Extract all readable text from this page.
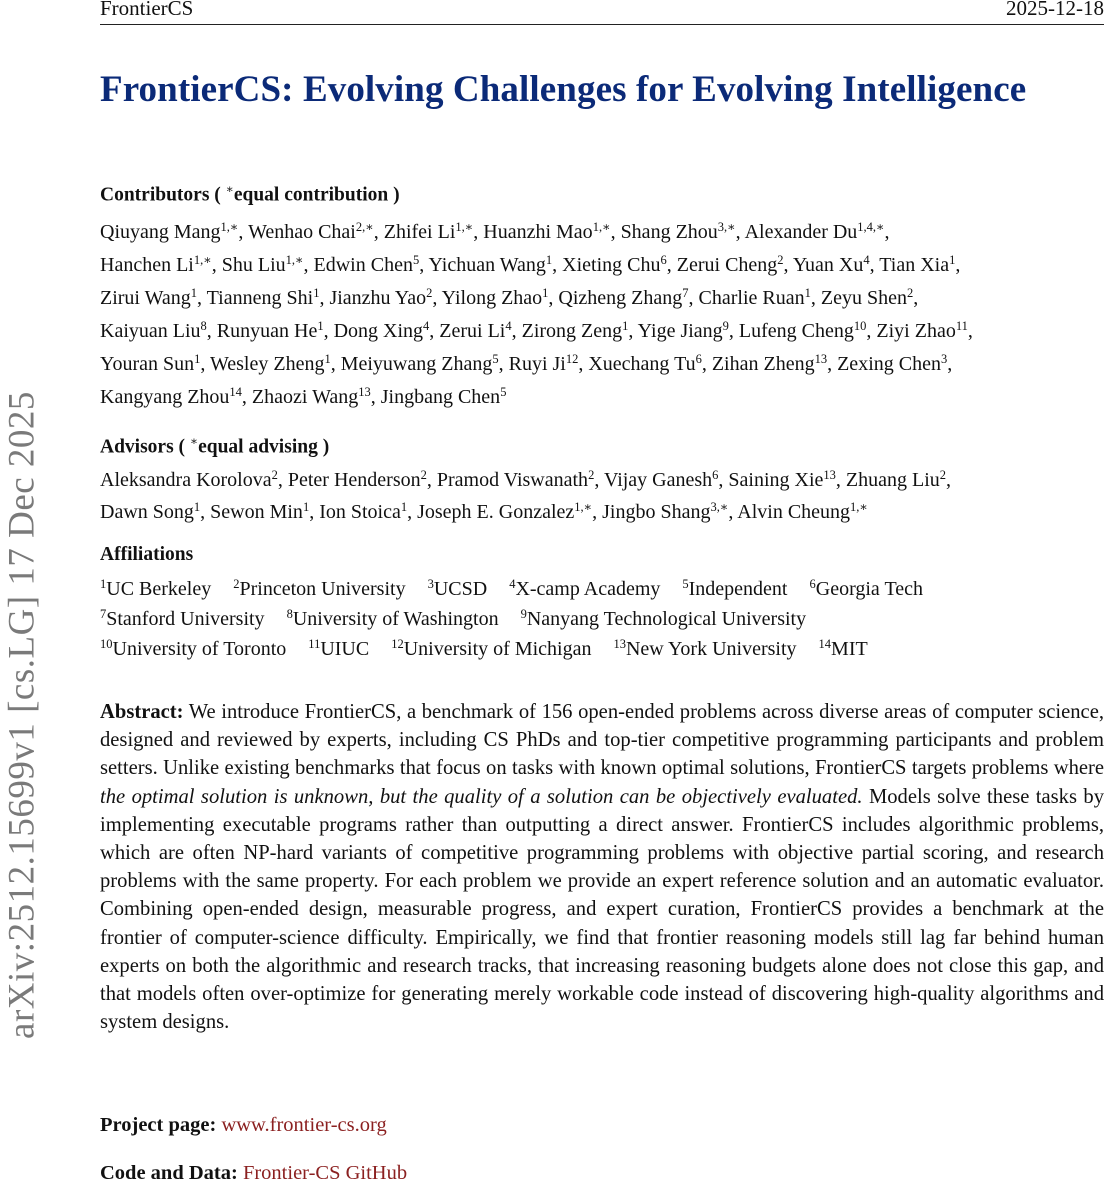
FrontierCS	2025-12-18
arXiv:2512.15699v1 [cs.LG] 17 Dec 2025
FrontierCS: Evolving Challenges for Evolving Intelligence
Contributors ( ∗equal contribution )
Qiuyang Mang$^{1,∗}$, Wenhao Chai$^{2,∗}$, Zhifei $Li^{1,∗}$, Huanzhi Mao$^{1,∗}$, Shang Zhou$^{3,∗}$, Alexander $Du^{1,4,∗}$,
Hanchen $Li^{1,∗}$, Shu Liu$^{1,∗}$, Edwin Chen$^5$, Yichuan Wang$^1$, Xieting Chu$^6$, Zerui Cheng$^2$, Yuan Xu$^4$, Tian Xia$^1$,
Zirui Wang$^1$, Tianneng Shi$^1$, Jianzhu Yao$^2$, Yilong Zhao$^1$, Qizheng Zhang$^7$, Charlie Ruan$^1$, Zeyu Shen$^2$,
Kaiyuan Liu$^8$, Runyuan He$^1$, Dong Xing$^4$, Zerui Li$^4$, Zirong Zeng$^1$, Yige Jiang$^9$, Lufeng Cheng$^{10}$, Ziyi Zhao$^{11}$,
Youran Sun$^1$, Wesley Zheng$^1$, Meiyuwang Zhang$^5$, Ruyi Ji$^{12}$, Xuechang Tu$^6$, Zihan Zheng$^{13}$, Zexing Chen$^3$,
Kangyang Zhou$^{14}$, Zhaozi Wang$^{13}$, Jingbang Chen$^5$
Advisors ( ∗equal advising )
Aleksandra Korolova$^2$, Peter Henderson$^2$, Pramod Viswanath$^2$, Vijay Ganesh$^6$, Saining Xie$^{13}$, Zhuang Liu$^2$,
Dawn Song$^1$, Sewon Min$^1$, Ion Stoica$^1$, Joseph E. Gonzalez$^{1,∗}$, Jingbo Shang$^{3,∗}$, Alvin Cheung$^{1,∗}$
Affiliations
$^1$UC Berkeley $^2$Princeton University $^3$UCSD $^4$X-camp Academy $^5$Independent $^6$Georgia Tech
$^7$Stanford University $^8$University of Washington $^9$Nanyang Technological University
$^{10}$University of Toronto $^{11}$UIUC $^{12}$University of Michigan $^{13}$New York University $^{14}$MIT
Abstract: We introduce FrontierCS, a benchmark of 156 open-ended problems across diverse areas of computer science, designed and reviewed by experts, including CS PhDs and top-tier competitive programming participants and problem setters. Unlike existing benchmarks that focus on tasks with known optimal solutions, FrontierCS targets problems where the optimal solution is unknown, but the quality of a solution can be objectively evaluated. Models solve these tasks by implementing executable programs rather than outputting a direct answer. FrontierCS includes algorithmic problems, which are often NP-hard variants of competitive programming problems with objective partial scoring, and research problems with the same property. For each problem we provide an expert reference solution and an automatic evaluator. Combining open-ended design, measurable progress, and expert curation, FrontierCS provides a benchmark at the frontier of computer-science difficulty. Empirically, we find that frontier reasoning models still lag far behind human experts on both the algorithmic and research tracks, that increasing reasoning budgets alone does not close this gap, and that models often over-optimize for generating merely workable code instead of discovering high-quality algorithms and system designs.
Project page: www.frontier-cs.org
Code and Data: Frontier-CS GitHub
